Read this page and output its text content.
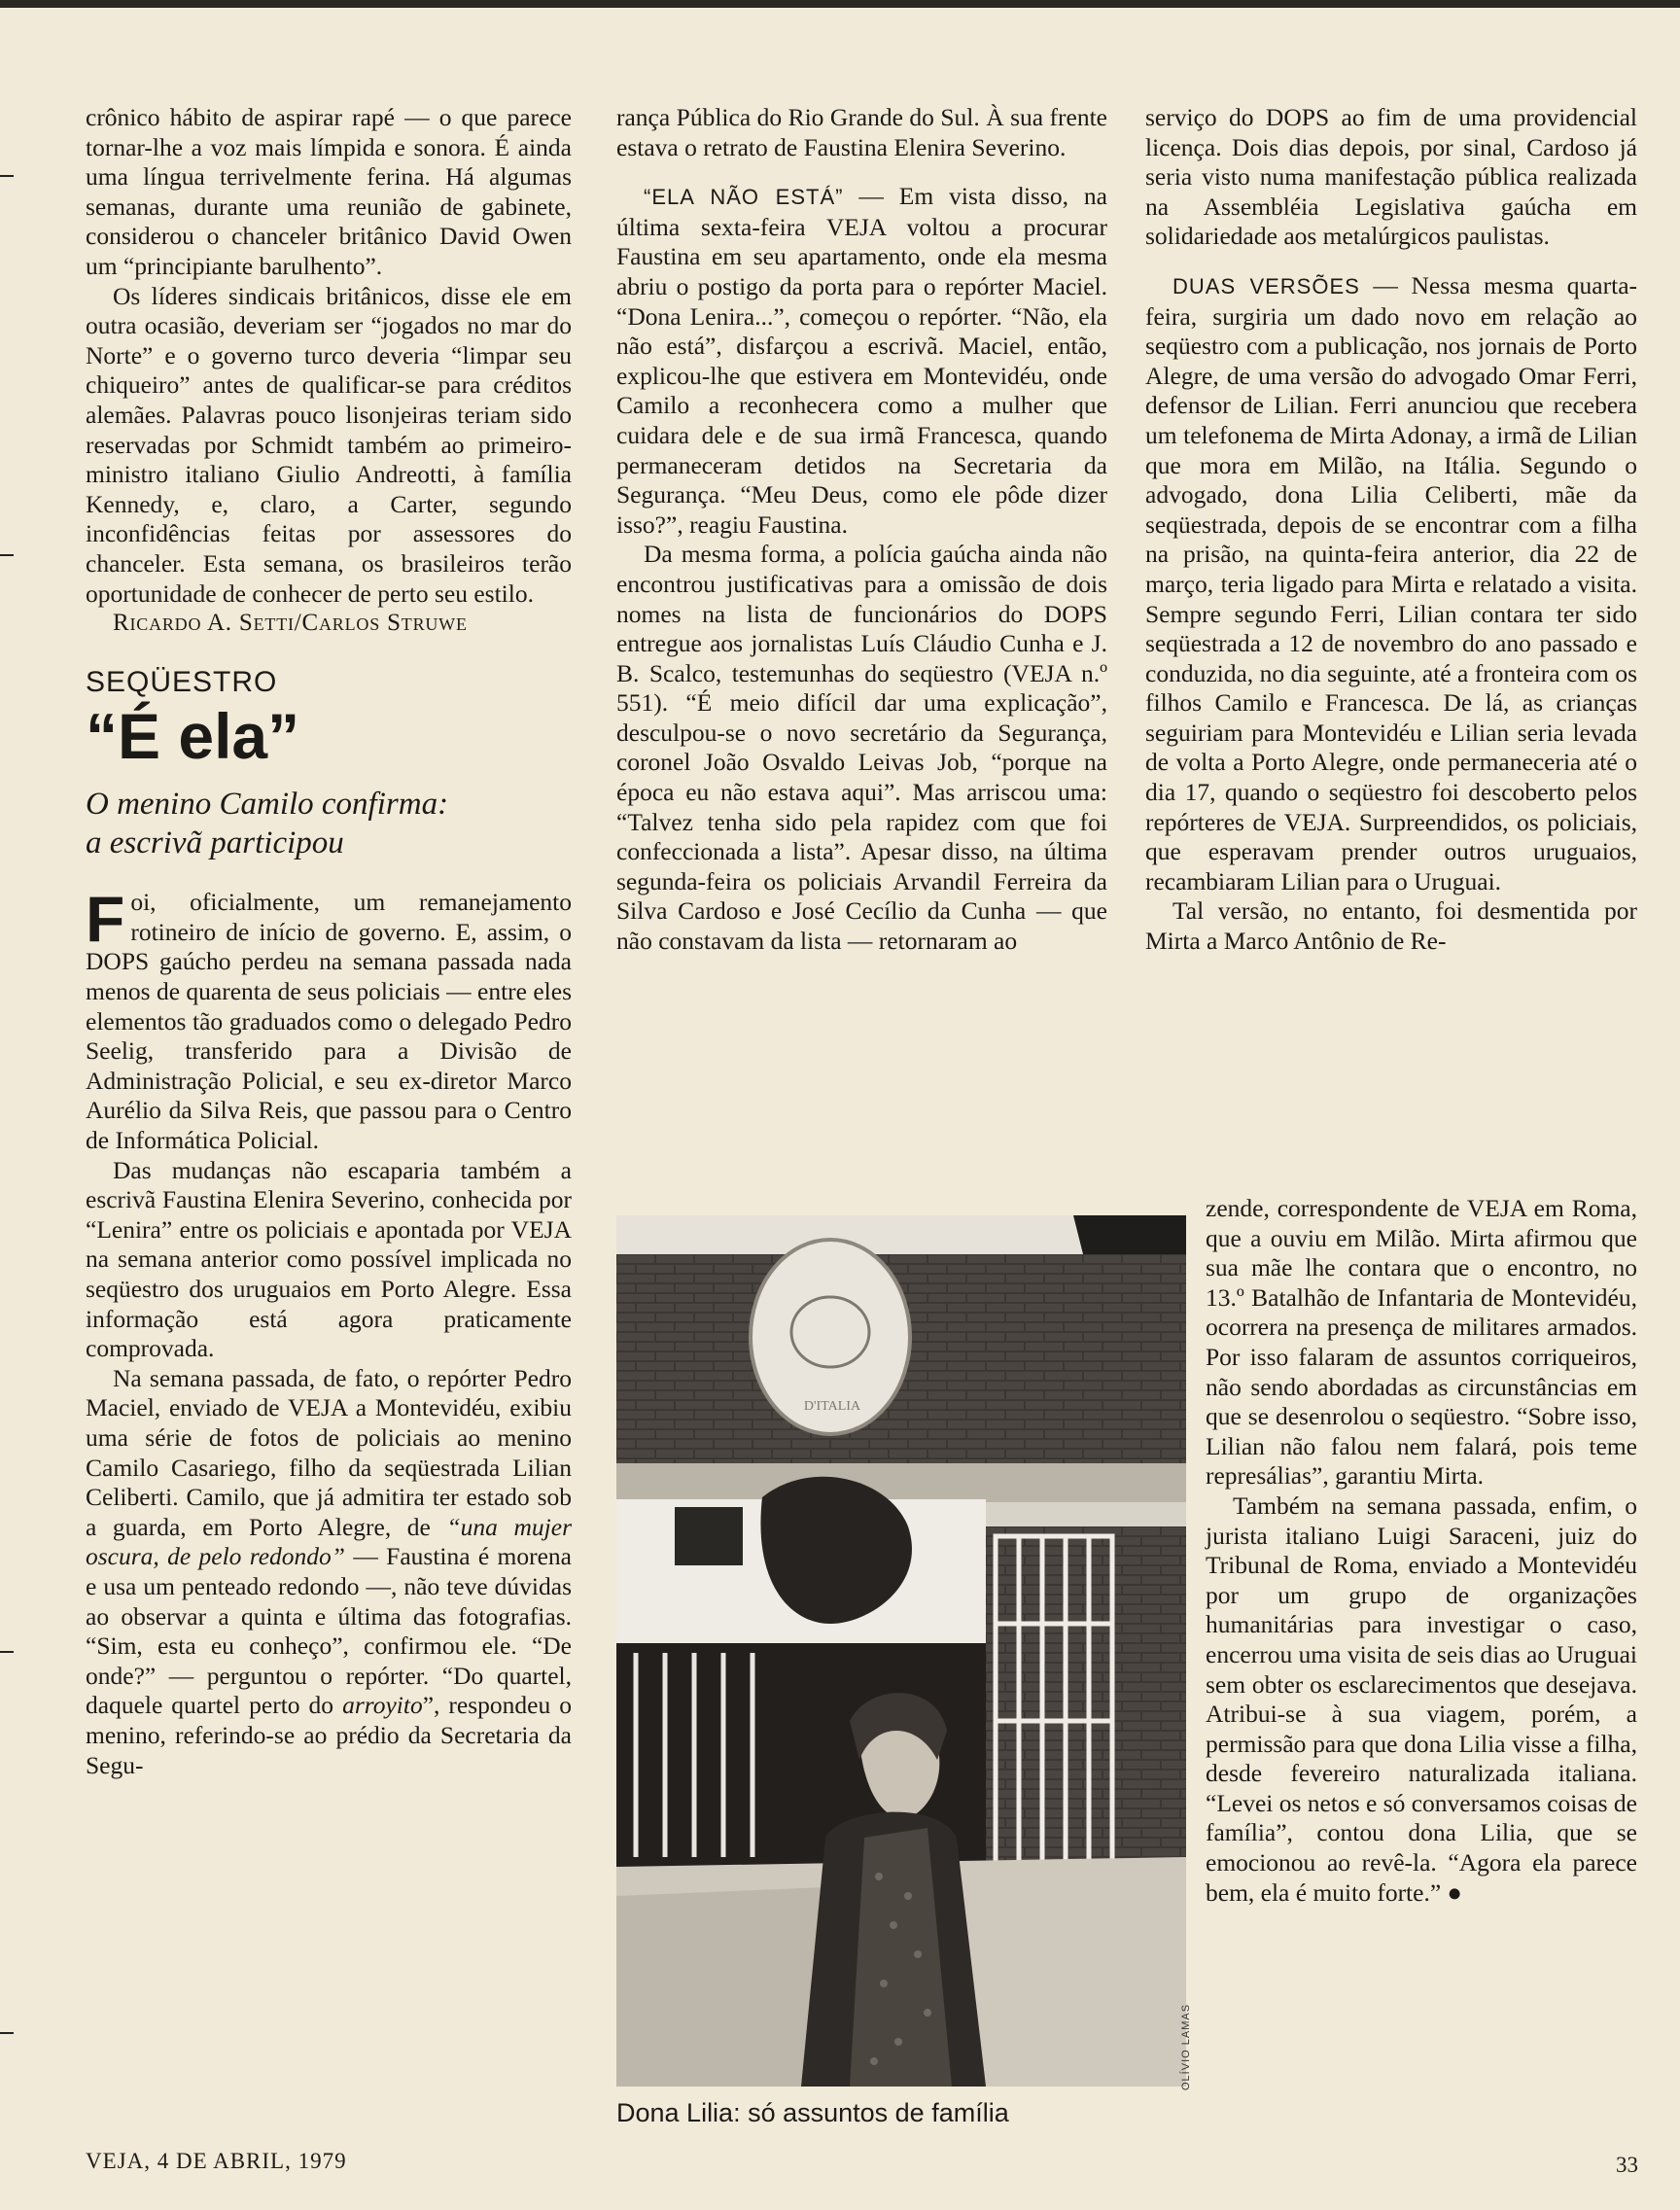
crônico hábito de aspirar rapé — o que parece tornar-lhe a voz mais límpida e sonora. É ainda uma língua terrivelmente ferina. Há algumas semanas, durante uma reunião de gabinete, considerou o chanceler britânico David Owen um “principiante barulhento”.

Os líderes sindicais britânicos, disse ele em outra ocasião, deveriam ser “jogados no mar do Norte” e o governo turco deveria “limpar seu chiqueiro” antes de qualificar-se para créditos alemães. Palavras pouco lisonjeiras teriam sido reservadas por Schmidt também ao primeiro-ministro italiano Giulio Andreotti, à família Kennedy, e, claro, a Carter, segundo inconfidências feitas por assessores do chanceler. Esta semana, os brasileiros terão oportunidade de conhecer de perto seu estilo.

Ricardo A. Setti/Carlos Struwe

SEQÜESTRO
“É ela”
O menino Camilo confirma:
a escrivã participou

Foi, oficialmente, um remanejamento rotineiro de início de governo. E, assim, o DOPS gaúcho perdeu na semana passada nada menos de quarenta de seus policiais — entre eles elementos tão graduados como o delegado Pedro Seelig, transferido para a Divisão de Administração Policial, e seu ex-diretor Marco Aurélio da Silva Reis, que passou para o Centro de Informática Policial.

Das mudanças não escaparia também a escrivã Faustina Elenira Severino, conhecida por “Lenira” entre os policiais e apontada por VEJA na semana anterior como possível implicada no seqüestro dos uruguaios em Porto Alegre. Essa informação está agora praticamente comprovada.

Na semana passada, de fato, o repórter Pedro Maciel, enviado de VEJA a Montevidéu, exibiu uma série de fotos de policiais ao menino Camilo Casariego, filho da seqüestrada Lilian Celiberti. Camilo, que já admitira ter estado sob a guarda, em Porto Alegre, de “una mujer oscura, de pelo redondo” — Faustina é morena e usa um penteado redondo —, não teve dúvidas ao observar a quinta e última das fotografias. “Sim, esta eu conheço”, confirmou ele. “De onde?” — perguntou o repórter. “Do quartel, daquele quartel perto do arroyito”, respondeu o menino, referindo-se ao prédio da Secretaria da Segu-

rança Pública do Rio Grande do Sul. À sua frente estava o retrato de Faustina Elenira Severino.

“ELA NÃO ESTÁ” — Em vista disso, na última sexta-feira VEJA voltou a procurar Faustina em seu apartamento, onde ela mesma abriu o postigo da porta para o repórter Maciel. “Dona Lenira...”, começou o repórter. “Não, ela não está”, disfarçou a escrivã. Maciel, então, explicou-lhe que estivera em Montevidéu, onde Camilo a reconhecera como a mulher que cuidara dele e de sua irmã Francesca, quando permaneceram detidos na Secretaria da Segurança. “Meu Deus, como ele pôde dizer isso?”, reagiu Faustina.

Da mesma forma, a polícia gaúcha ainda não encontrou justificativas para a omissão de dois nomes na lista de funcionários do DOPS entregue aos jornalistas Luís Cláudio Cunha e J. B. Scalco, testemunhas do seqüestro (VEJA n.º 551). “É meio difícil dar uma explicação”, desculpou-se o novo secretário da Segurança, coronel João Osvaldo Leivas Job, “porque na época eu não estava aqui”. Mas arriscou uma: “Talvez tenha sido pela rapidez com que foi confeccionada a lista”. Apesar disso, na última segunda-feira os policiais Arvandil Ferreira da Silva Cardoso e José Cecílio da Cunha — que não constavam da lista — retornaram ao

serviço do DOPS ao fim de uma providencial licença. Dois dias depois, por sinal, Cardoso já seria visto numa manifestação pública realizada na Assembléia Legislativa gaúcha em solidariedade aos metalúrgicos paulistas.

DUAS VERSÕES — Nessa mesma quarta-feira, surgiria um dado novo em relação ao seqüestro com a publicação, nos jornais de Porto Alegre, de uma versão do advogado Omar Ferri, defensor de Lilian. Ferri anunciou que recebera um telefonema de Mirta Adonay, a irmã de Lilian que mora em Milão, na Itália. Segundo o advogado, dona Lilia Celiberti, mãe da seqüestrada, depois de se encontrar com a filha na prisão, na quinta-feira anterior, dia 22 de março, teria ligado para Mirta e relatado a visita. Sempre segundo Ferri, Lilian contara ter sido seqüestrada a 12 de novembro do ano passado e conduzida, no dia seguinte, até a fronteira com os filhos Camilo e Francesca. De lá, as crianças seguiriam para Montevidéu e Lilian seria levada de volta a Porto Alegre, onde permaneceria até o dia 17, quando o seqüestro foi descoberto pelos repórteres de VEJA. Surpreendidos, os policiais, que esperavam prender outros uruguaios, recambiaram Lilian para o Uruguai.

Tal versão, no entanto, foi desmentida por Mirta a Marco Antônio de Re-

zende, correspondente de VEJA em Roma, que a ouviu em Milão. Mirta afirmou que sua mãe lhe contara que o encontro, no 13.º Batalhão de Infantaria de Montevidéu, ocorrera na presença de militares armados. Por isso falaram de assuntos corriqueiros, não sendo abordadas as circunstâncias em que se desenrolou o seqüestro. “Sobre isso, Lilian não falou nem falará, pois teme represálias”, garantiu Mirta.

Também na semana passada, enfim, o jurista italiano Luigi Saraceni, juiz do Tribunal de Roma, enviado a Montevidéu por um grupo de organizações humanitárias para investigar o caso, encerrou uma visita de seis dias ao Uruguai sem obter os esclarecimentos que desejava. Atribui-se à sua viagem, porém, a permissão para que dona Lilia visse a filha, desde fevereiro naturalizada italiana. “Levei os netos e só conversamos coisas de família”, contou dona Lilia, que se emocionou ao revê-la. “Agora ela parece bem, ela é muito forte.” ●

D'ITALIA
OLÍVIO LAMAS
Dona Lilia: só assuntos de família
VEJA, 4 DE ABRIL, 1979	33
